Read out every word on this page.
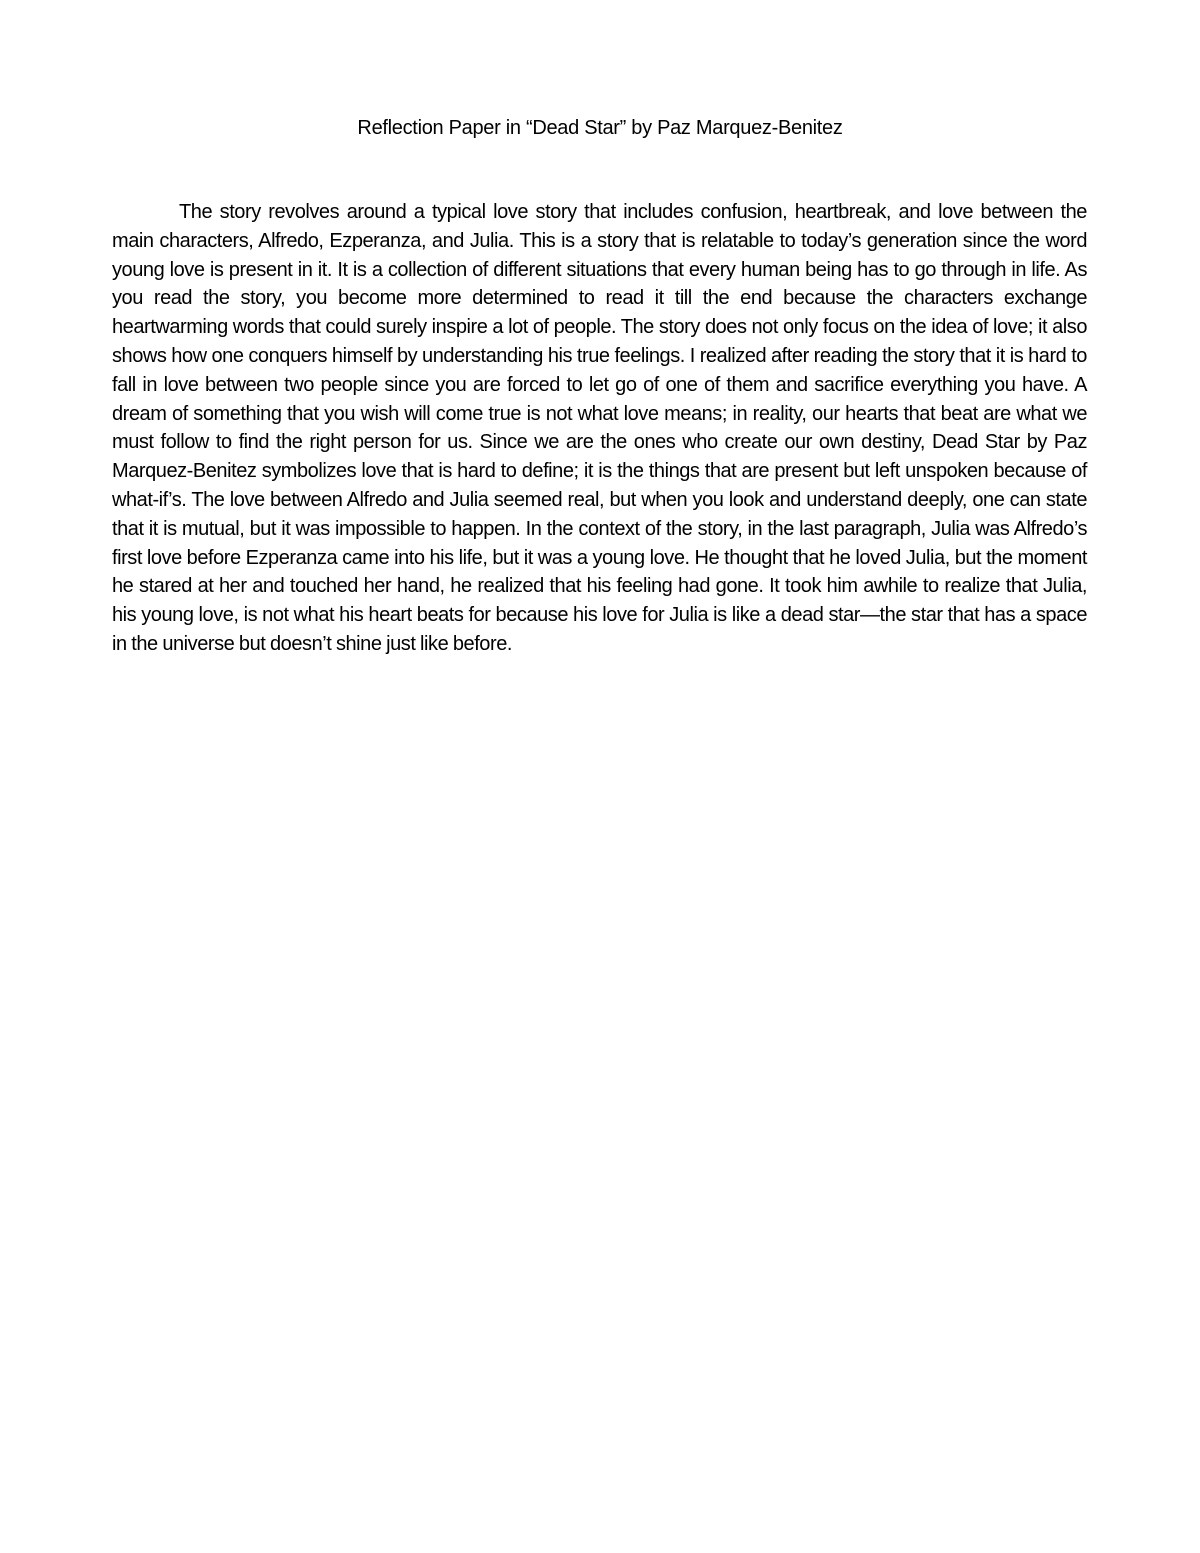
Reflection Paper in “Dead Star” by Paz Marquez-Benitez

The story revolves around a typical love story that includes confusion, heartbreak, and love between the main characters, Alfredo, Ezperanza, and Julia. This is a story that is relatable to today’s generation since the word young love is present in it. It is a collection of different situations that every human being has to go through in life. As you read the story, you become more determined to read it till the end because the characters exchange heartwarming words that could surely inspire a lot of people. The story does not only focus on the idea of love; it also shows how one conquers himself by understanding his true feelings. I realized after reading the story that it is hard to fall in love between two people since you are forced to let go of one of them and sacrifice everything you have. A dream of something that you wish will come true is not what love means; in reality, our hearts that beat are what we must follow to find the right person for us. Since we are the ones who create our own destiny, Dead Star by Paz Marquez-Benitez symbolizes love that is hard to define; it is the things that are present but left unspoken because of what-if’s. The love between Alfredo and Julia seemed real, but when you look and understand deeply, one can state that it is mutual, but it was impossible to happen. In the context of the story, in the last paragraph, Julia was Alfredo’s first love before Ezperanza came into his life, but it was a young love. He thought that he loved Julia, but the moment he stared at her and touched her hand, he realized that his feeling had gone. It took him awhile to realize that Julia, his young love, is not what his heart beats for because his love for Julia is like a dead star—the star that has a space in the universe but doesn’t shine just like before.
